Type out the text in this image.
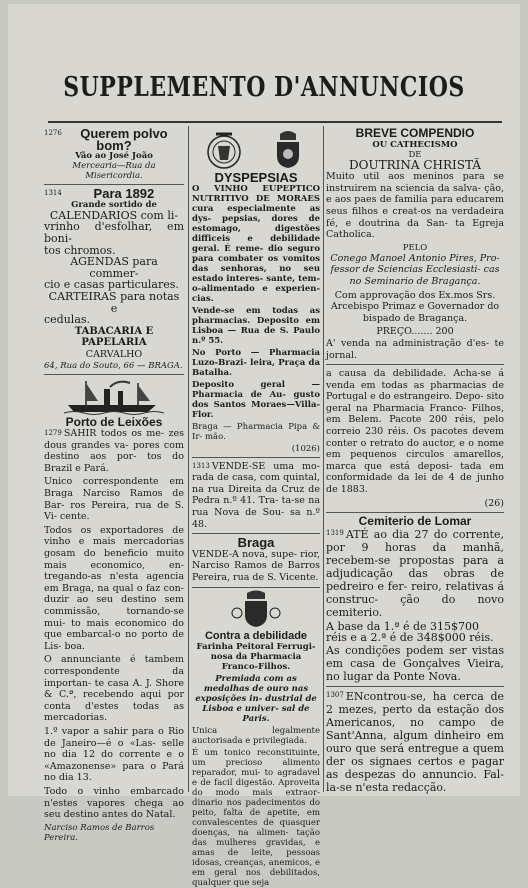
SUPPLEMENTO D'ANNUNCIOS
1276	Querem polvo bom?
Vão ao José João
Mercearia—Rua da Misericordia.
1314	Para 1892
Grande sortido de
CALENDARIOS com li-
vrinho d'esfolhar, em boni-
tos chromos.
AGENDAS para commer-
cio e casas particulares.
CARTEIRAS para notas e
cedulas.
TABACARIA E PAPELARIA
CARVALHO
64, Rua do Souto, 66 — BRAGA.
Porto de Leixões
1279 SAHIR todos os me- zes dous grandes va- pores com destino aos por- tos do Brazil e Pará.

Unico correspondente em Braga Narciso Ramos de Bar- ros Pereira, rua de S. Vi- cente.

Todos os exportadores de vinho e mais mercadorias gosam do beneficio muito mais economico, en- tregando-as n'esta agencia em Braga, na qual o faz con- duzir ao seu destino sem commissão, tornando-se mui- to mais economico do que embarcal-o no porto de Lis- boa.

O annunciante é tambem correspondente da importan- te casa A. J. Shore & C.ª, recebendo aqui por conta d'estes todas as mercadorias.

1.º vapor a sahir para o Rio de Janeiro—é o «Las- selle no dia 12 do corrente e o «Amazonense» para o Pará no dia 13.

Todo o vinho embarcado n'estes vapores chega ao seu destino antes do Natal.

Narciso Ramos de Barros Pereira.

DYSPEPSIAS

O VINHO EUPEPTICO NUTRITIVO DE MORAES cura especialmente as dys- pepsias, dores de estomago, digestões difficeis e debilidade geral. É reme- dio seguro para combater os vomitos das senhoras, no seu estado interes- sante, tem-o-alimentado e experien- cias.

Vende-se em todas as pharmacias. Deposito em Lisboa — Rua de S. Paulo n.º 55.

No Porto — Pharmacia Luzo-Brazi- leira, Praça da Batalha.

Deposito geral — Pharmacia de Au- gusto dos Santos Moraes—Villa-Flor.

Braga — Pharmacia Pipa & Ir- mão.

(1026)
1313 VENDE-SE uma mo- rada de casa, com quintal, na rua Direita da Cruz de Pedra n.º 41. Tra- ta-se na rua Nova de Sou- sa n.º 48.

Braga

VENDE-A nova, supe- rior, Narciso Ramos de Barros Pereira, rua de S. Vicente.

Contra a debilidade

Farinha Peitoral Ferrugi- nosa da Pharmacia Franco-Filhos.

Premiada com as medalhas de ouro nas exposições in- dustrial de Lisboa e univer- sal de Paris.

Unica legalmente auctorisada e privilegiada.

É um tonico reconstituinte, um precioso alimento reparador, mui- to agradavel e de facil digestão. Aproveita do modo mais extraor- dinario nos padecimentos do peito, falta de apetite, em convalescentes de quasquer doenças, na alimen- tação das mulheres gravidas, e amas de leite, pessoas idosas, creanças, anemicos, e em geral nos debilitados, qualquer que seja

BREVE COMPENDIO
OU CATHECISMO
DE
DOUTRINA CHRISTÃ

Muito util aos meninos para se instruirem na sciencia da salva- ção, e aos paes de familia para educarem seus filhos e creat-os na verdadeira fé, e doutrina da San- ta Egreja Catholica.

PELO

Conego Manoel Antonio Pires, Pro- fessor de Sciencias Ecclesiasti- cas no Seminario de Bragança.

Com approvação dos Ex.mos Srs. Arcebispo Primaz e Governador do bispado de Bragança.

PREÇO....... 200

A' venda na administração d'es- te jornal.

a causa da debilidade. Acha-se á venda em todas as pharmacias de Portugal e do estrangeiro. Depo- sito geral na Pharmacia Franco- Filhos, em Belem. Pacote 200 réis, pelo correio 230 réis. Os pacotes devem conter o retrato do auctor, e o nome em pequenos circulos amarellos, marca que está deposi- tada em conformidade da lei de 4 de junho de 1883.

(26)
Cemiterio de Lomar
1319 ATÉ ao dia 27 do corrente, por 9 horas da manhã, recebem-se propostas para a adjudicação das obras de pedreiro e fer- reiro, relativas á construc- ção do novo cemiterio.

A base da 1.ª é de 315$700
réis e a 2.ª é de 348$000 réis.

As condições podem ser vistas em casa de Gonçalves Vieira, no lugar da Ponte Nova.

1307 ENcontrou-se, ha cerca de 2 mezes, perto da estação dos Americanos, no campo de Sant'Anna, algum dinheiro em ouro que será entregue a quem der os signaes certos e pagar as despezas do annuncio. Fal- la-se n'esta redacção.
